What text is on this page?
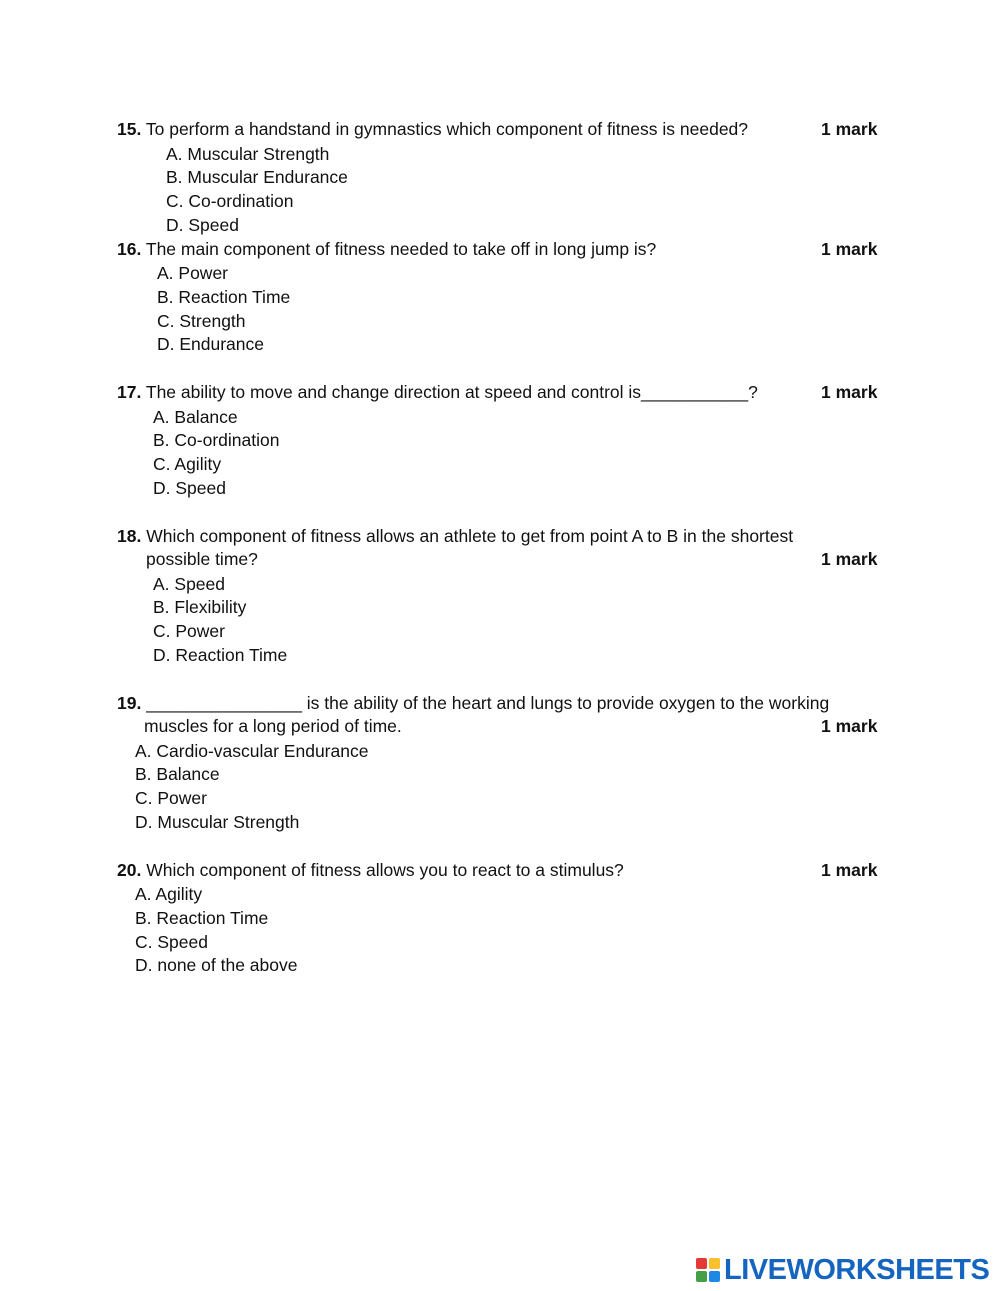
15. To perform a handstand in gymnastics which component of fitness is needed?	1 mark
A. Muscular Strength
B. Muscular Endurance
C. Co-ordination
D. Speed
16. The main component of fitness needed to take off in long jump is?	1 mark
A. Power
B. Reaction Time
C. Strength
D. Endurance
17. The ability to move and change direction at speed and control is___________?	1 mark
A. Balance
B. Co-ordination
C. Agility
D. Speed
18. Which component of fitness allows an athlete to get from point A to B in the shortest
possible time?	1 mark
A. Speed
B. Flexibility
C. Power
D. Reaction Time
19. ________________ is the ability of the heart and lungs to provide oxygen to the working
muscles for a long period of time.	1 mark
A. Cardio-vascular Endurance
B. Balance
C. Power
D. Muscular Strength
20. Which component of fitness allows you to react to a stimulus?	1 mark
A. Agility
B. Reaction Time
C. Speed
D. none of the above
LIVEWORKSHEETS
